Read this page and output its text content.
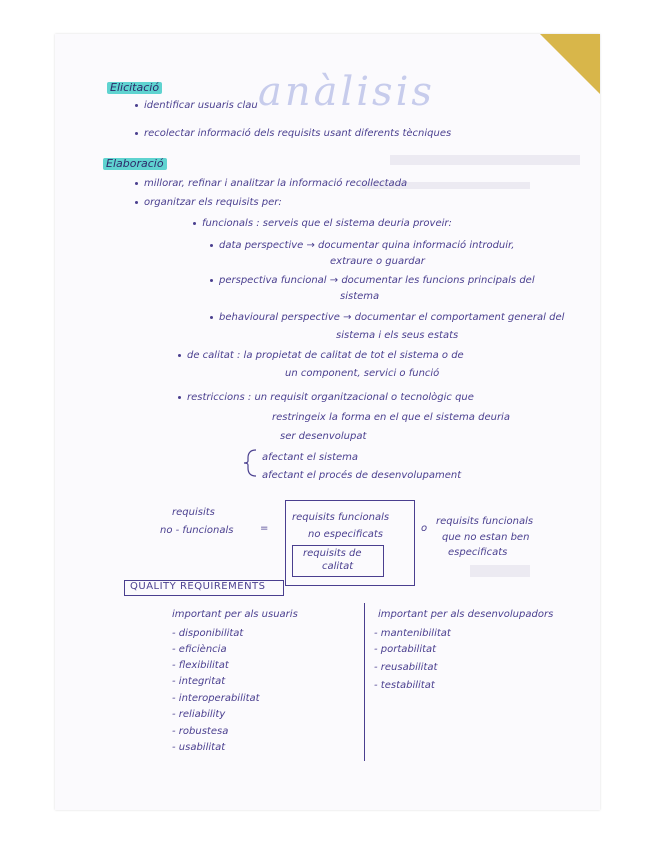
anàlisis
Elicitació
identificar usuaris clau
recolectar informació dels requisits usant diferents tècniques
Elaboració
millorar, refinar i analitzar la informació recollectada
organitzar els requisits per:
funcionals : serveis que el sistema deuria proveir:
data perspective → documentar quina informació introduir,
extraure o guardar
perspectiva funcional → documentar les funcions principals del
sistema
behavioural perspective → documentar el comportament general del
sistema i els seus estats
de calitat : la propietat de calitat de tot el sistema o de
un component, servici o funció
restriccions : un requisit organitzacional o tecnològic que
restringeix la forma en el que el sistema deuria
ser desenvolupat
afectant el sistema
afectant el procés de desenvolupament
requisits
no - funcionals	=
requisits funcionals
no especificats
requisits de
calitat
o
requisits funcionals
que no estan ben
especificats
QUALITY REQUIREMENTS
important per als usuaris
- disponibilitat
- eficiència
- flexibilitat
- integritat
- interoperabilitat
- reliability
- robustesa
- usabilitat
important per als desenvolupadors
- mantenibilitat
- portabilitat
- reusabilitat
- testabilitat
